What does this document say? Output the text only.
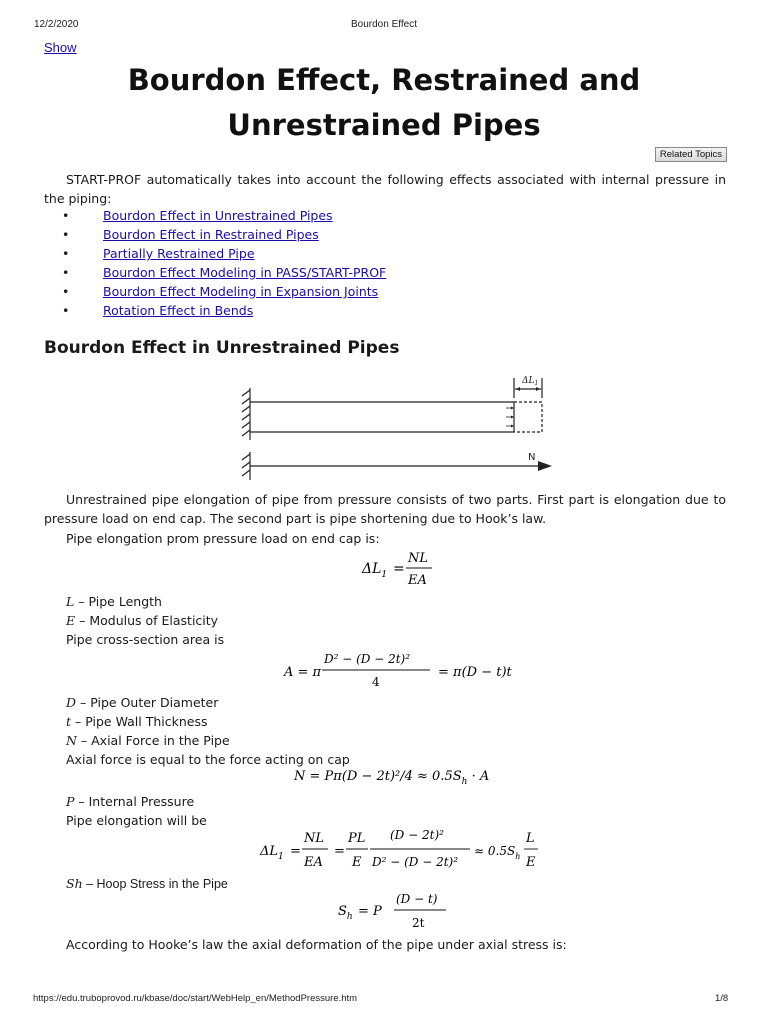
12/2/2020	Bourdon Effect
Show
Bourdon Effect, Restrained and
Unrestrained Pipes
Related Topics
START-PROF automatically takes into account the following effects associated with internal pressure in the piping:
•	Bourdon Effect in Unrestrained Pipes
•	Bourdon Effect in Restrained Pipes
•	Partially Restrained Pipe
•	Bourdon Effect Modeling in PASS/START-PROF
•	Bourdon Effect Modeling in Expansion Joints
•	Rotation Effect in Bends
Bourdon Effect in Unrestrained Pipes
$\Delta L_1$
N
Unrestrained pipe elongation of pipe from pressure consists of two parts. First part is elongation due to pressure load on end cap. The second part is pipe shortening due to Hook’s law.
Pipe elongation prom pressure load on end cap is:
$\Delta L_1$ =
NL
EA
L – Pipe Length
E – Modulus of Elasticity
Pipe cross-section area is
A = π
D² − (D − 2t)²
4
= π(D − t)t
D – Pipe Outer Diameter
t – Pipe Wall Thickness
N – Axial Force in the Pipe
Axial force is equal to the force acting on cap
$N = P\pi(D - 2t)^2/4 \approx 0.5S_h \cdot A$
P – Internal Pressure
Pipe elongation will be
$\Delta L_1$ =
NL
EA
=
PL
E
(D − 2t)²
D² − (D − 2t)²
≈ $0.5S_h$
L
E
Sh – Hoop Stress in the Pipe
$S_h = P$
(D − t)
2t
According to Hooke’s law the axial deformation of the pipe under axial stress is:
https://edu.truboprovod.ru/kbase/doc/start/WebHelp_en/MethodPressure.htm	1/8
